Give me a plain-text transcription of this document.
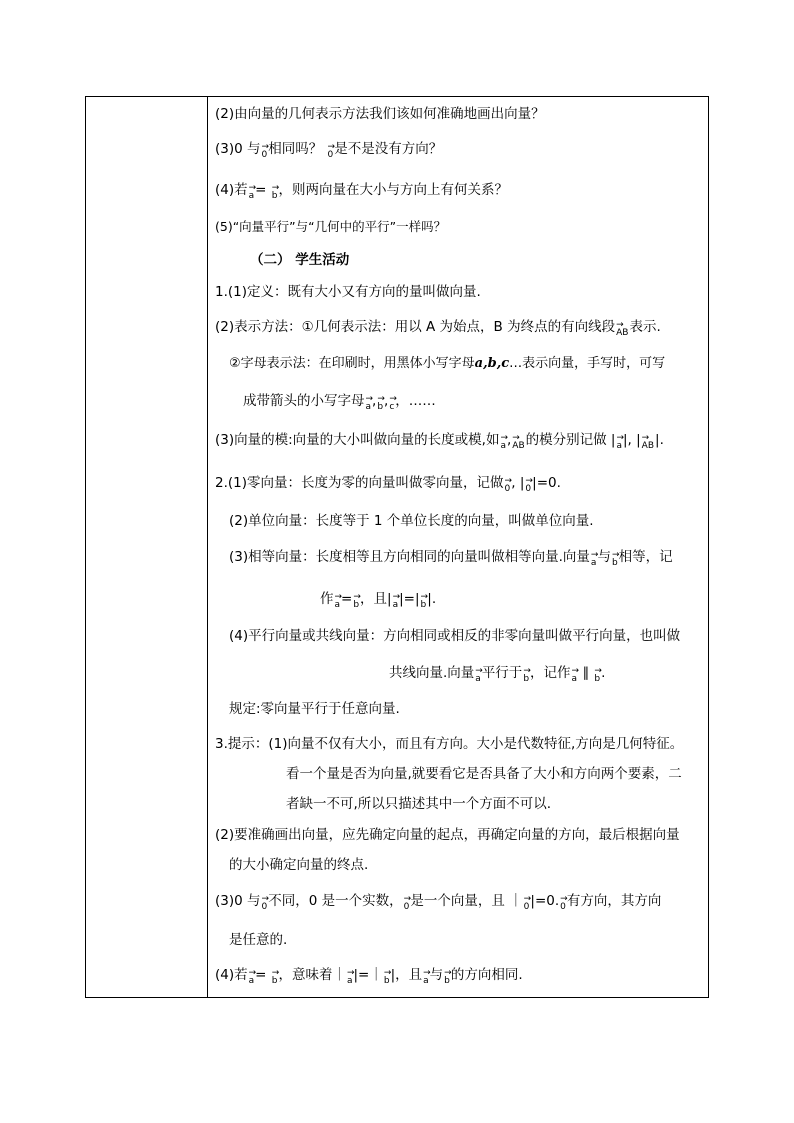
(2)由向量的几何表示方法我们该如何准确地画出向量？
(3)0 与→ 0相同吗？ → 0是不是没有方向？
(4)若→ a= → b，则两向量在大小与方向上有何关系？
(5)“向量平行”与“几何中的平行”一样吗？
（二） 学生活动
1.(1)定义：既有大小又有方向的量叫做向量.
(2)表示方法：①几何表示法：用以 A 为始点，B 为终点的有向线段→ AB表示.
②字母表示法：在印刷时，用黑体小写字母a,b,c…表示向量，手写时，可写
成带箭头的小写字母→ a,→ b,→ c，……
(3)向量的模:向量的大小叫做向量的长度或模,如→ a,→ AB的模分别记做 |→ a|, |→ AB|.
2.(1)零向量：长度为零的向量叫做零向量，记做→ 0, |→ 0|=0.
(2)单位向量：长度等于 1 个单位长度的向量，叫做单位向量.
(3)相等向量：长度相等且方向相同的向量叫做相等向量.向量→ a与→ b相等，记
作→ a=→ b，且|→ a|=|→ b|.
(4)平行向量或共线向量：方向相同或相反的非零向量叫做平行向量，也叫做
共线向量.向量→ a平行于→ b，记作→ a ∥ → b.
规定:零向量平行于任意向量.
3.提示：(1)向量不仅有大小，而且有方向。大小是代数特征,方向是几何特征。
看一个量是否为向量,就要看它是否具备了大小和方向两个要素，二
者缺一不可,所以只描述其中一个方面不可以.
(2)要准确画出向量，应先确定向量的起点，再确定向量的方向，最后根据向量
的大小确定向量的终点.
(3)0 与→ 0不同，0 是一个实数，→ 0是一个向量，且 ｜→ 0|=0.→ 0有方向，其方向
是任意的.
(4)若→ a= → b，意味着｜→ a|=｜→ b|，且→ a与→ b的方向相同.
